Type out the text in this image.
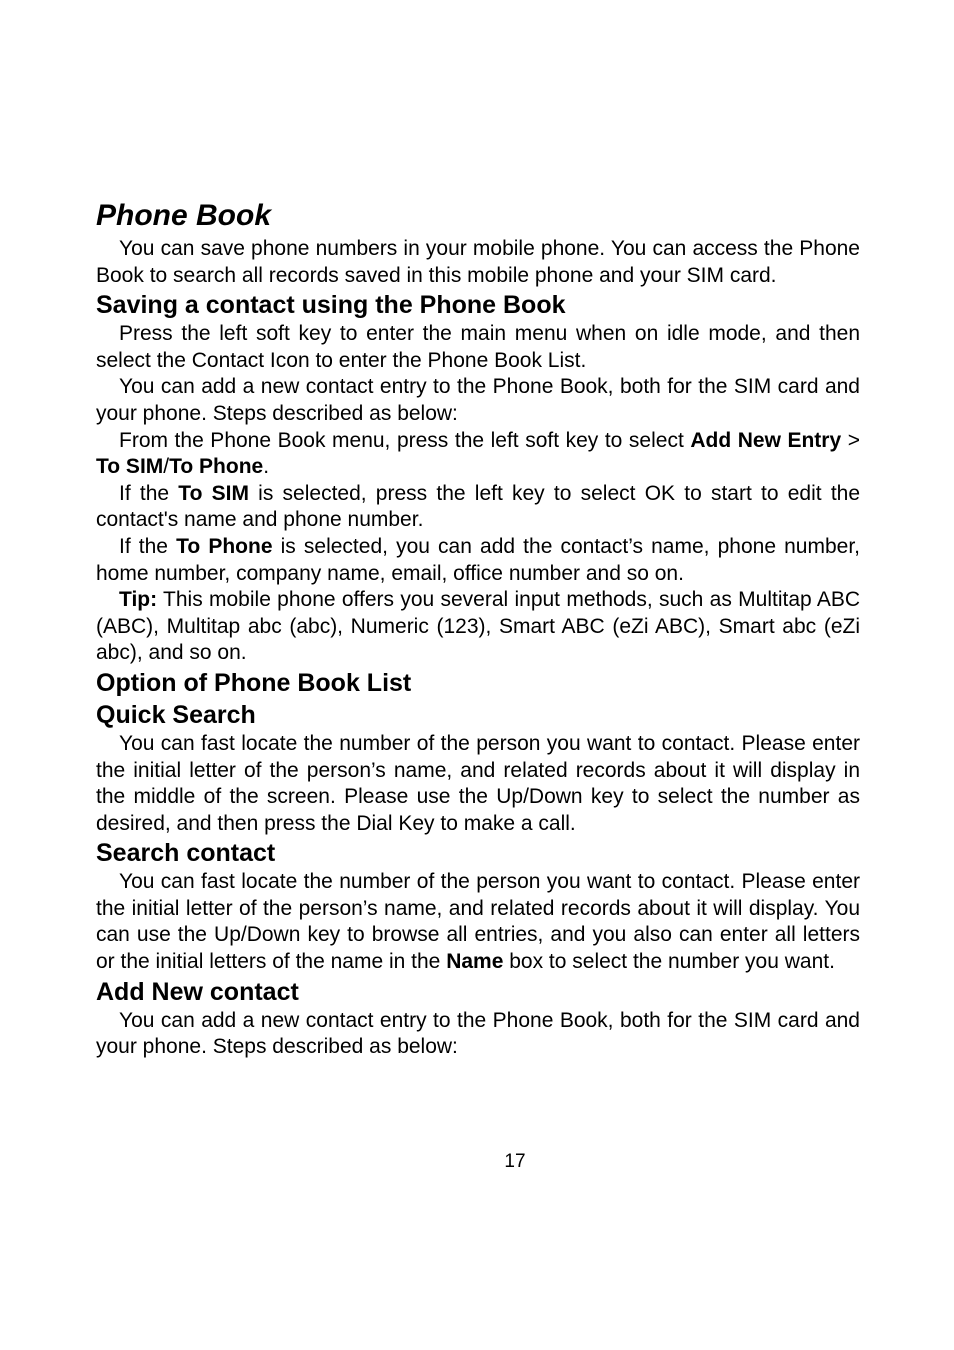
Phone Book

You can save phone numbers in your mobile phone. You can access the Phone Book to search all records saved in this mobile phone and your SIM card.

Saving a contact using the Phone Book

Press the left soft key to enter the main menu when on idle mode, and then select the Contact Icon to enter the Phone Book List.

You can add a new contact entry to the Phone Book, both for the SIM card and your phone. Steps described as below:

From the Phone Book menu, press the left soft key to select Add New Entry > To SIM/To Phone.

If the To SIM is selected, press the left key to select OK to start to edit the contact's name and phone number.

If the To Phone is selected, you can add the contact’s name, phone number, home number, company name, email, office number and so on.

Tip: This mobile phone offers you several input methods, such as Multitap ABC (ABC), Multitap abc (abc), Numeric (123), Smart ABC (eZi ABC), Smart abc (eZi abc), and so on.

Option of Phone Book List
Quick Search

You can fast locate the number of the person you want to contact. Please enter the initial letter of the person’s name, and related records about it will display in the middle of the screen. Please use the Up/Down key to select the number as desired, and then press the Dial Key to make a call.

Search contact

You can fast locate the number of the person you want to contact. Please enter the initial letter of the person’s name, and related records about it will display. You can use the Up/Down key to browse all entries, and you also can enter all letters or the initial letters of the name in the Name box to select the number you want.

Add New contact

You can add a new contact entry to the Phone Book, both for the SIM card and your phone. Steps described as below:

17
